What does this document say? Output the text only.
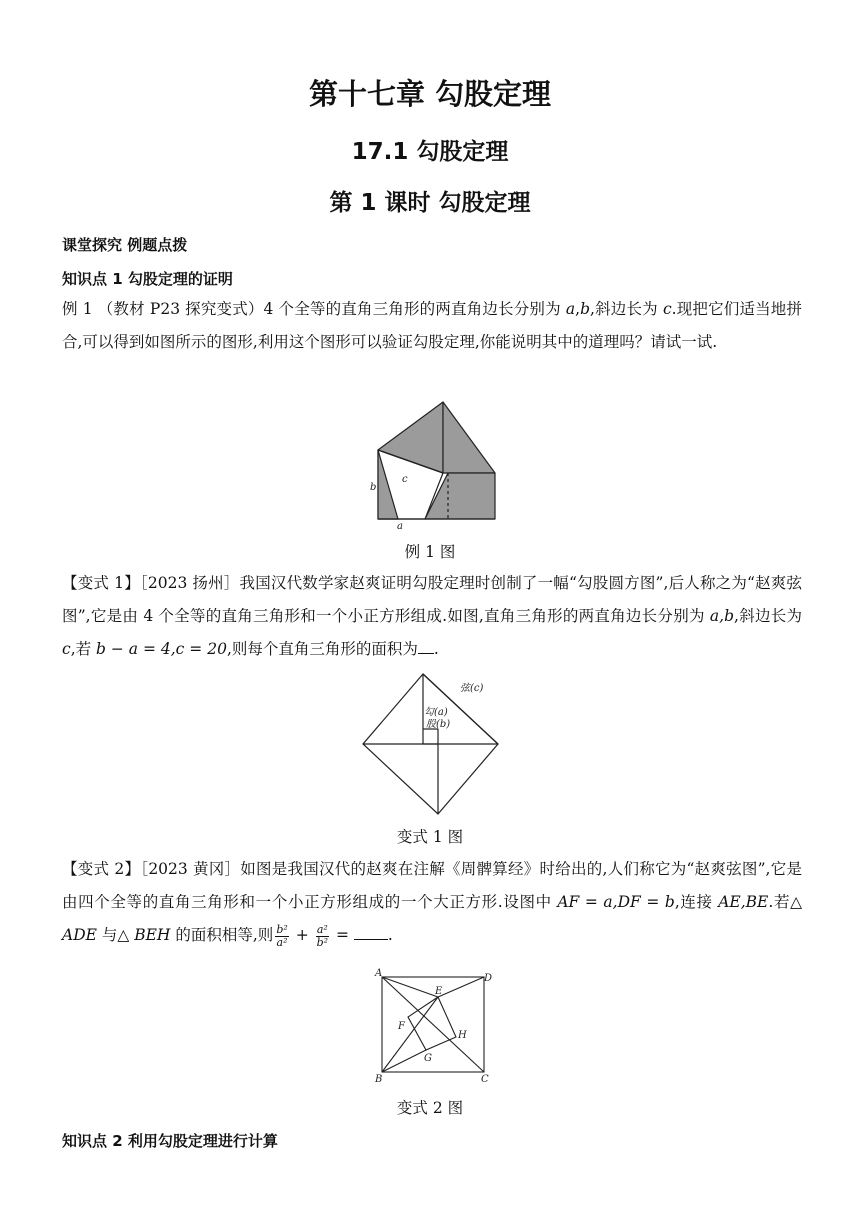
第十七章 勾股定理
17.1 勾股定理
第 1 课时 勾股定理
课堂探究 例题点拨
知识点 1 勾股定理的证明
例 1 （教材 P23 探究变式）4 个全等的直角三角形的两直角边长分别为 a,b,斜边长为 c.现把它们适当地拼合,可以得到如图所示的图形,利用这个图形可以验证勾股定理,你能说明其中的道理吗？请试一试.
b
c
a
例 1 图
【变式 1】［2023 扬州］我国汉代数学家赵爽证明勾股定理时创制了一幅“勾股圆方图”,后人称之为“赵爽弦图”,它是由 4 个全等的直角三角形和一个小正方形组成.如图,直角三角形的两直角边长分别为 a,b,斜边长为 c,若 b − a = 4,c = 20,则每个直角三角形的面积为 .
弦(c)
勾(a)
股(b)
变式 1 图
【变式 2】［2023 黄冈］如图是我国汉代的赵爽在注解《周髀算经》时给出的,人们称它为“赵爽弦图”,它是由四个全等的直角三角形和一个小正方形组成的一个大正方形.设图中 AF = a,DF = b,连接 AE,BE.若△ ADE 与△ BEH 的面积相等,则 $\frac{\text{b²}}{\text{a²}} + \frac{\text{a²}}{\text{b²}}$ = .
A	D
E
F
H
G
B	C
变式 2 图
知识点 2 利用勾股定理进行计算
